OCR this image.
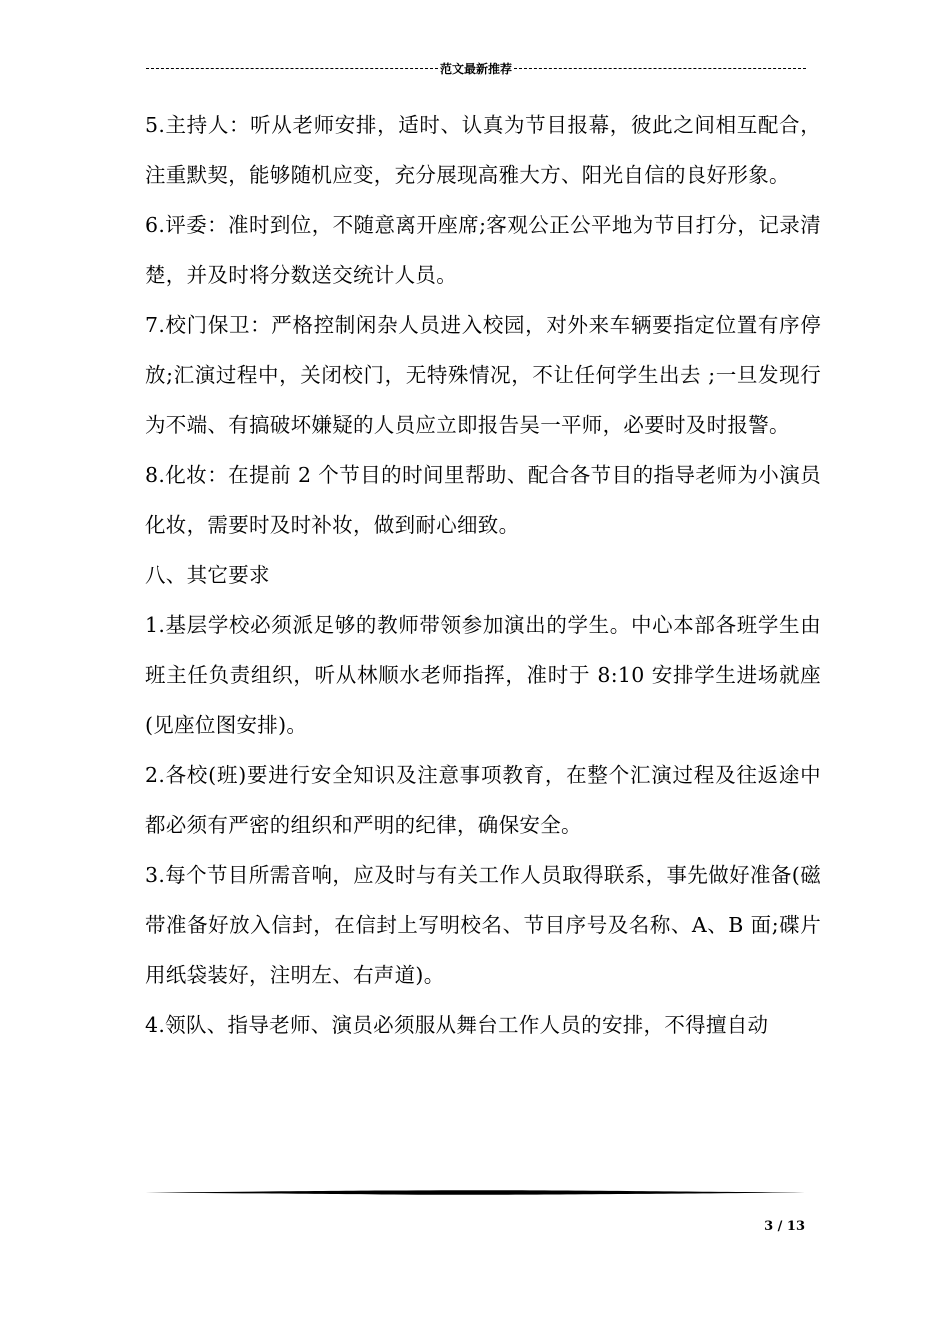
范文最新推荐

5.主持人：听从老师安排，适时、认真为节目报幕，彼此之间相互配合，注重默契，能够随机应变，充分展现高雅大方、阳光自信的良好形象。

6.评委：准时到位，不随意离开座席;客观公正公平地为节目打分，记录清楚，并及时将分数送交统计人员。

7.校门保卫：严格控制闲杂人员进入校园，对外来车辆要指定位置有序停放;汇演过程中，关闭校门，无特殊情况，不让任何学生出去 ;一旦发现行为不端、有搞破坏嫌疑的人员应立即报告吴一平师，必要时及时报警。

8.化妆：在提前 2 个节目的时间里帮助、配合各节目的指导老师为小演员化妆，需要时及时补妆，做到耐心细致。

八、其它要求

1.基层学校必须派足够的教师带领参加演出的学生。中心本部各班学生由班主任负责组织，听从林顺水老师指挥，准时于 8:10 安排学生进场就座(见座位图安排)。

2.各校(班)要进行安全知识及注意事项教育，在整个汇演过程及往返途中都必须有严密的组织和严明的纪律，确保安全。

3.每个节目所需音响，应及时与有关工作人员取得联系，事先做好准备(磁带准备好放入信封，在信封上写明校名、节目序号及名称、A、B 面;碟片用纸袋装好，注明左、右声道)。

4.领队、指导老师、演员必须服从舞台工作人员的安排，不得擅自动

3 / 13
